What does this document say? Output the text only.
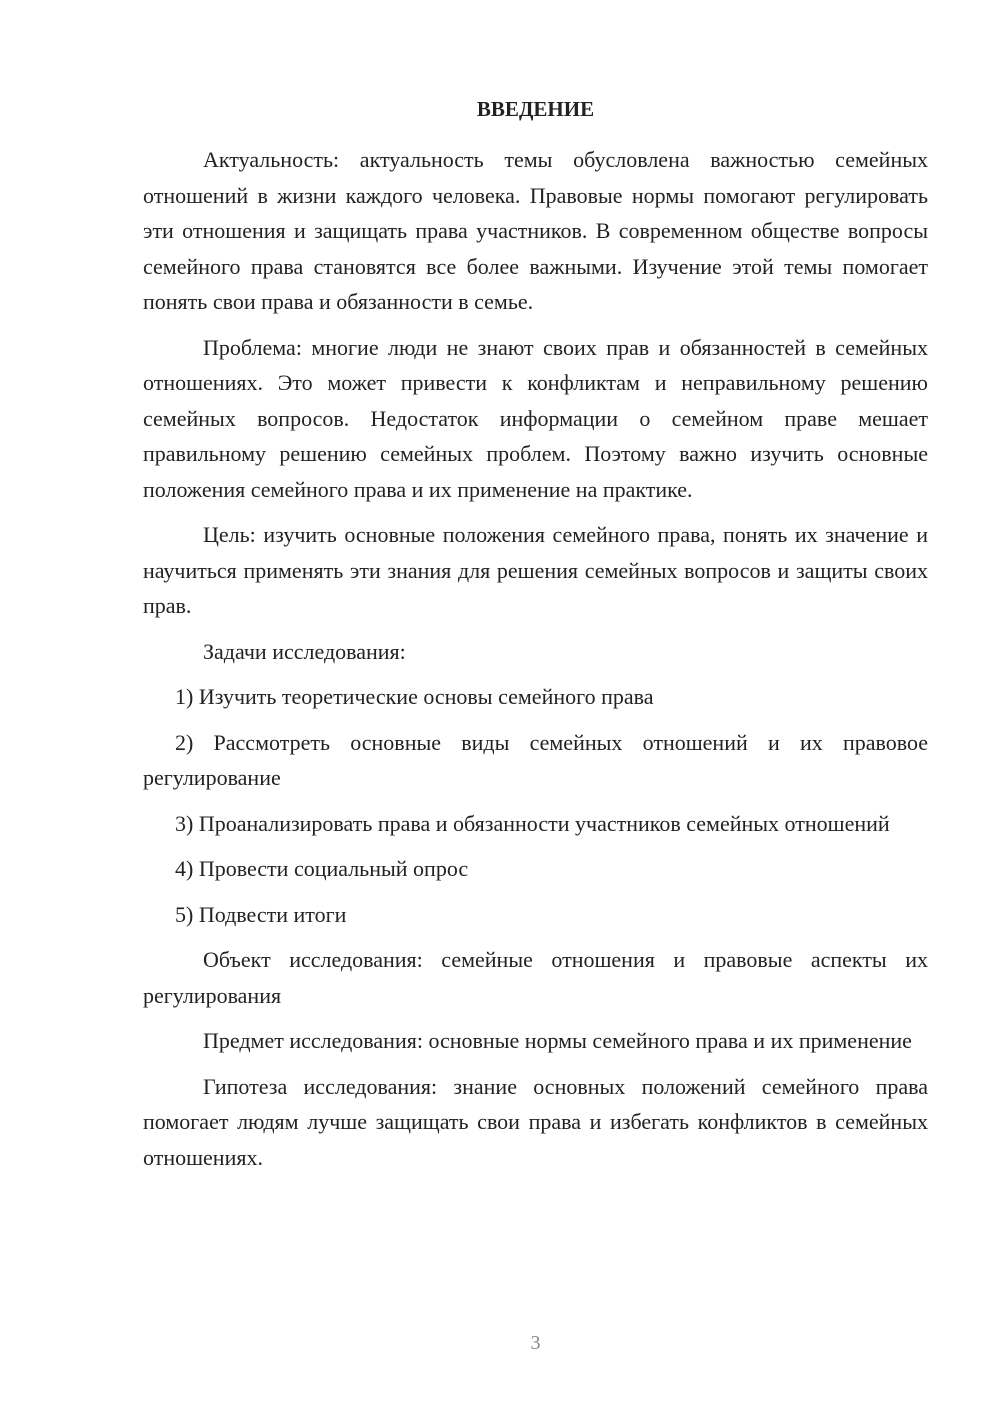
ВВЕДЕНИЕ

Актуальность: актуальность темы обусловлена важностью семейных отношений в жизни каждого человека. Правовые нормы помогают регулировать эти отношения и защищать права участников. В современном обществе вопросы семейного права становятся все более важными. Изучение этой темы помогает понять свои права и обязанности в семье.

Проблема: многие люди не знают своих прав и обязанностей в семейных отношениях. Это может привести к конфликтам и неправильному решению семейных вопросов. Недостаток информации о семейном праве мешает правильному решению семейных проблем. Поэтому важно изучить основные положения семейного права и их применение на практике.

Цель: изучить основные положения семейного права, понять их значение и научиться применять эти знания для решения семейных вопросов и защиты своих прав.

Задачи исследования:

1) Изучить теоретические основы семейного права

2) Рассмотреть основные виды семейных отношений и их правовое регулирование

3) Проанализировать права и обязанности участников семейных отношений

4) Провести социальный опрос

5) Подвести итоги

Объект исследования: семейные отношения и правовые аспекты их регулирования

Предмет исследования: основные нормы семейного права и их применение

Гипотеза исследования: знание основных положений семейного права помогает людям лучше защищать свои права и избегать конфликтов в семейных отношениях.

3
